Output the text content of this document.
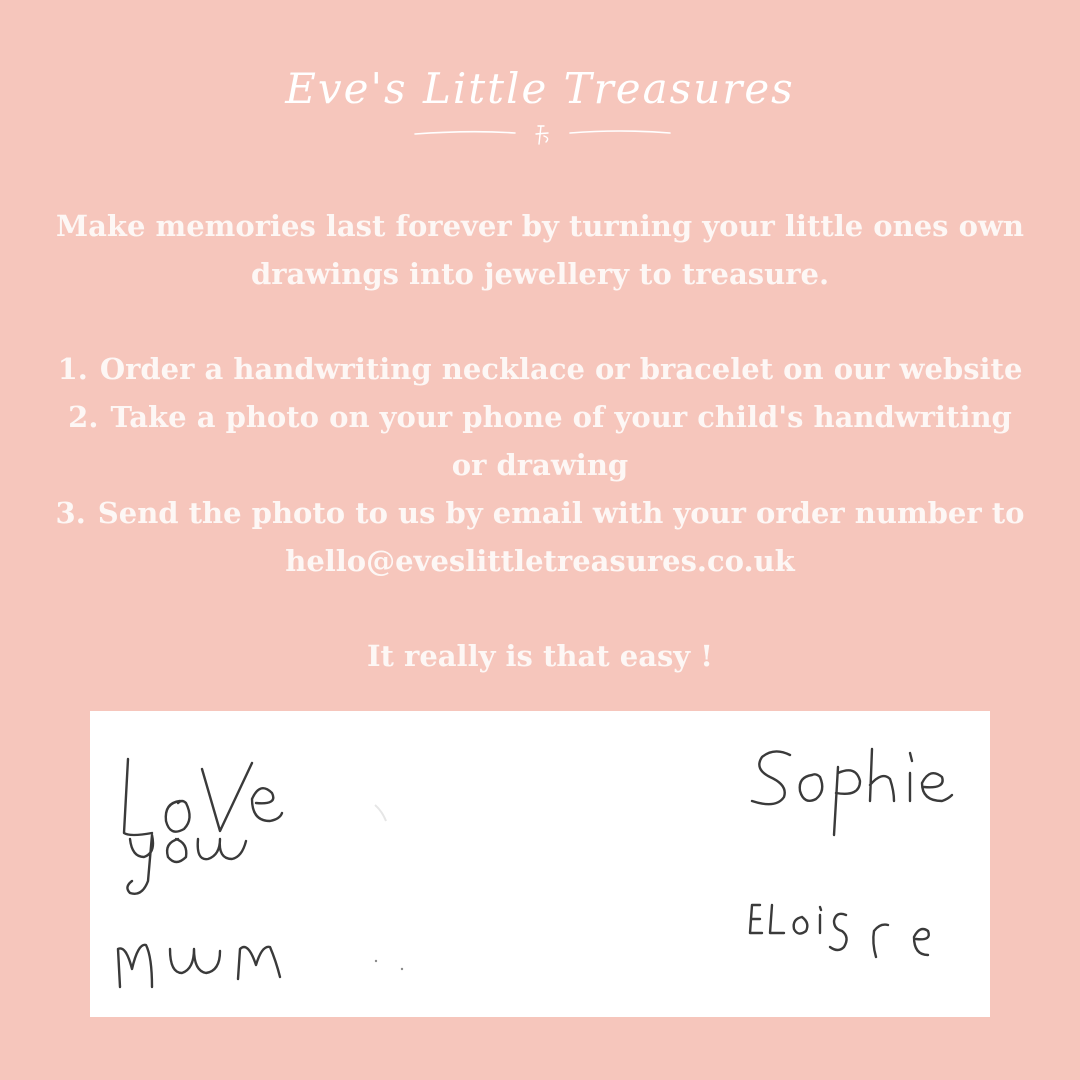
Eve's Little Treasures

Make memories last forever by turning your little ones own

drawings into jewellery to treasure.

1. Order a handwriting necklace or bracelet on our website
2. Take a photo on your phone of your child's handwriting
or drawing
3. Send the photo to us by email with your order number to
hello@eveslittletreasures.co.uk

It really is that easy !
